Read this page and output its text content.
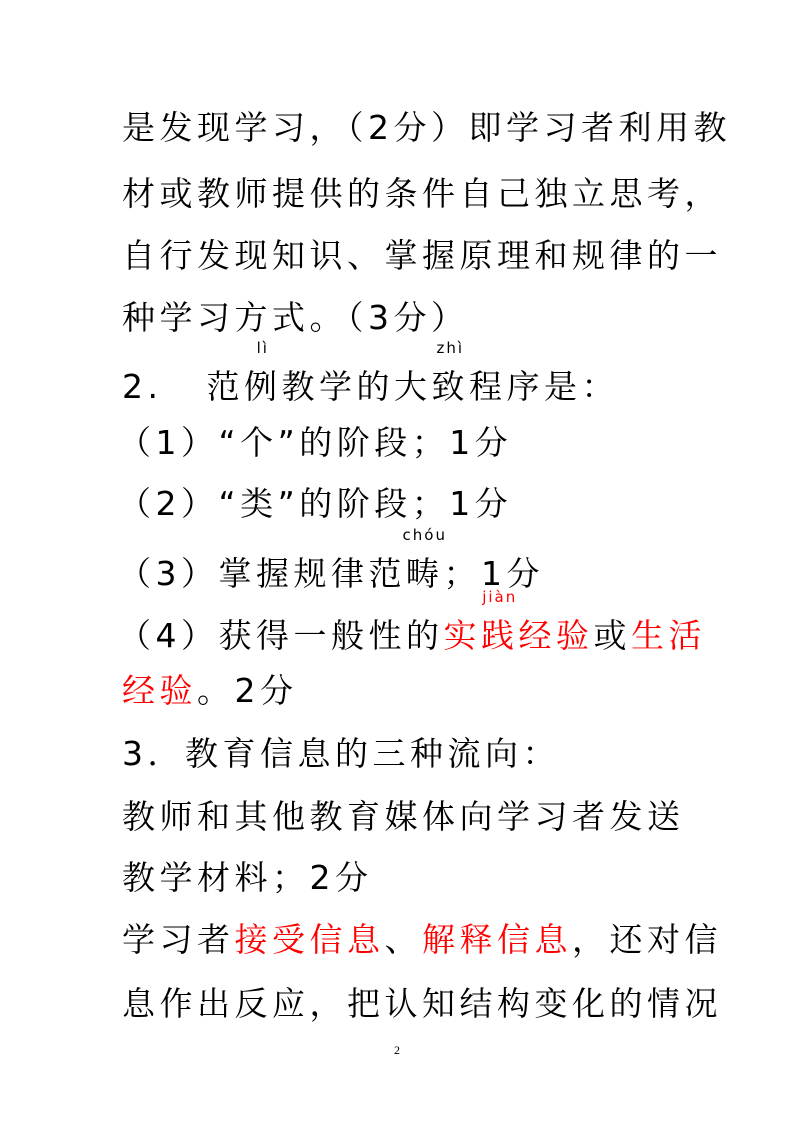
是发现学习，（2分）即学习者利用教
材或教师提供的条件自己独立思考，
自行发现知识、掌握原理和规律的一
种学习方式。（3分）
2. 范
lì
例教学的大
zhì
致程序是：
（1）“个”的阶段；1分
（2）“类”的阶段；1分
（3）掌握规律范
chóu
畴；1分
（4）获得一般性的实
jiàn
践经验或生活
经验。2分
3．教育信息的三种流向：
教师和其他教育媒体向学习者发送
教学材料；2分
学习者接受信息、解释信息，还对信
息作出反应，把认知结构变化的情况
2
